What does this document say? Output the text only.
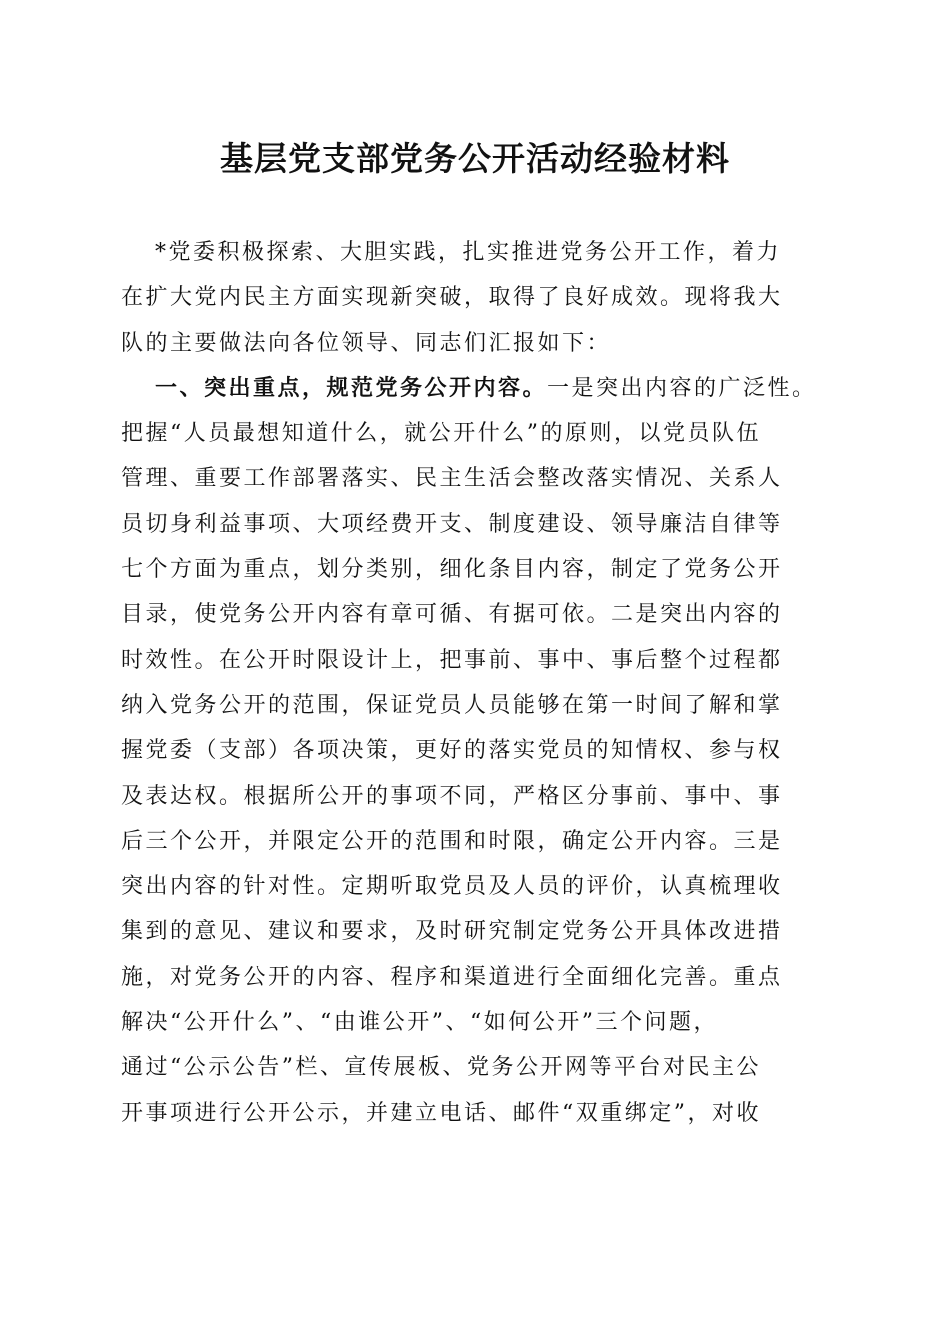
基层党支部党务公开活动经验材料
*党委积极探索、大胆实践，扎实推进党务公开工作，着力
在扩大党内民主方面实现新突破，取得了良好成效。现将我大
队的主要做法向各位领导、同志们汇报如下：
一、突出重点，规范党务公开内容。一是突出内容的广泛性。
把握“人员最想知道什么，就公开什么”的原则，以党员队伍
管理、重要工作部署落实、民主生活会整改落实情况、关系人
员切身利益事项、大项经费开支、制度建设、领导廉洁自律等
七个方面为重点，划分类别，细化条目内容，制定了党务公开
目录，使党务公开内容有章可循、有据可依。二是突出内容的
时效性。在公开时限设计上，把事前、事中、事后整个过程都
纳入党务公开的范围，保证党员人员能够在第一时间了解和掌
握党委（支部）各项决策，更好的落实党员的知情权、参与权
及表达权。根据所公开的事项不同，严格区分事前、事中、事
后三个公开，并限定公开的范围和时限，确定公开内容。三是
突出内容的针对性。定期听取党员及人员的评价，认真梳理收
集到的意见、建议和要求，及时研究制定党务公开具体改进措
施，对党务公开的内容、程序和渠道进行全面细化完善。重点
解决“公开什么”、“由谁公开”、“如何公开”三个问题，
通过“公示公告”栏、宣传展板、党务公开网等平台对民主公
开事项进行公开公示，并建立电话、邮件“双重绑定”，对收
